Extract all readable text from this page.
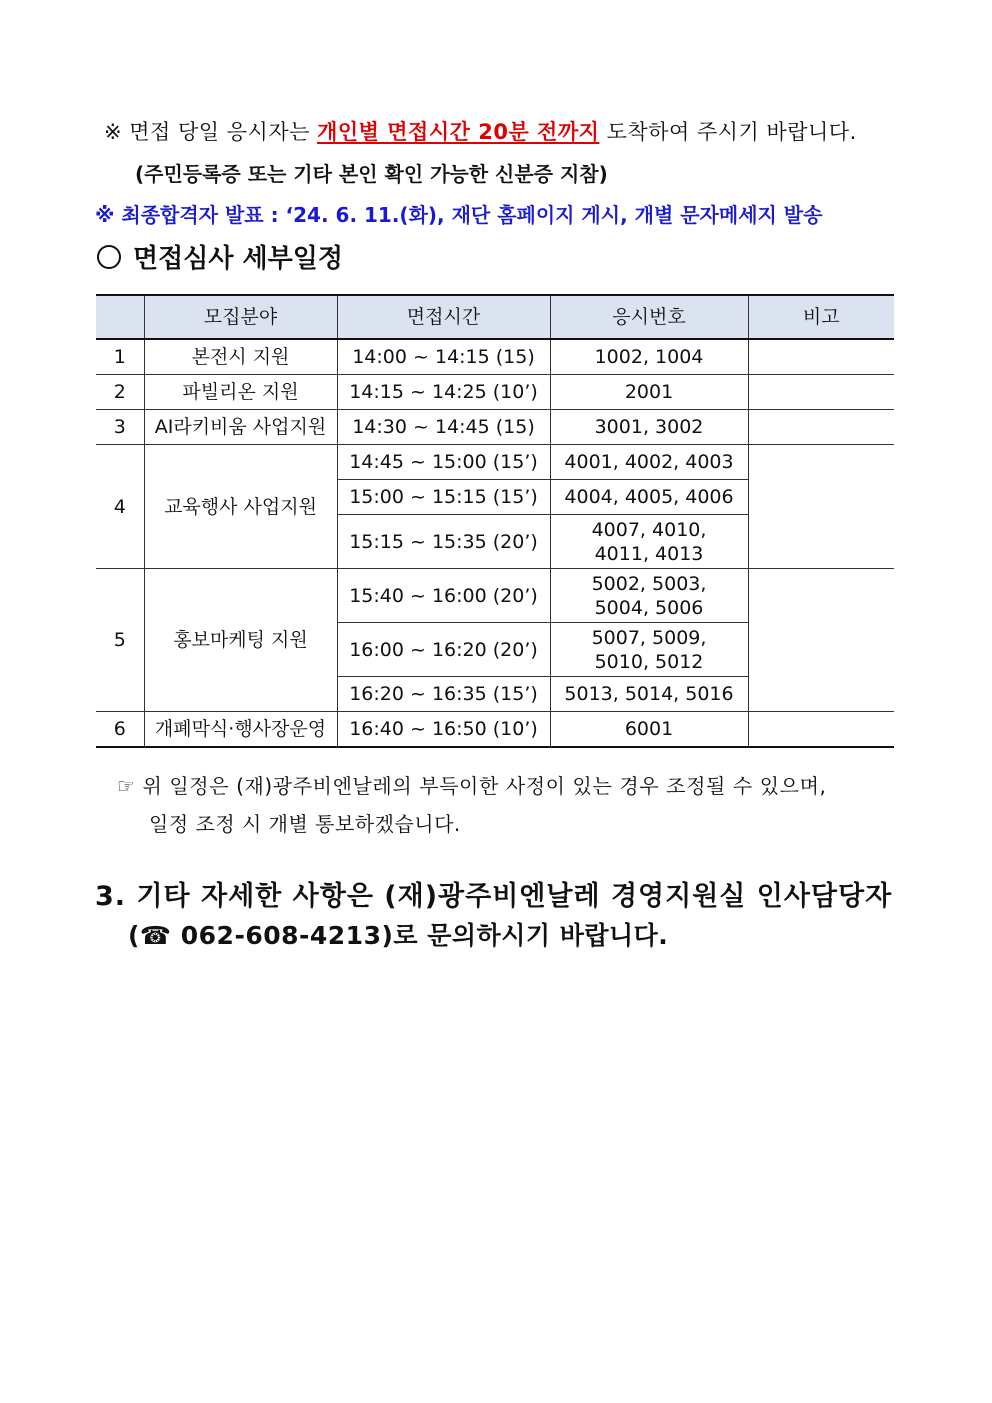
※ 면접 당일 응시자는 개인별 면접시간 20분 전까지 도착하여 주시기 바랍니다.
(주민등록증 또는 기타 본인 확인 가능한 신분증 지참)
※ 최종합격자 발표 : ‘24. 6. 11.(화), 재단 홈페이지 게시, 개별 문자메세지 발송
면접심사 세부일정
	모집분야	면접시간	응시번호	비고
1	본전시 지원	14:00 ~ 14:15 (15)	1002, 1004	
2	파빌리온 지원	14:15 ~ 14:25 (10’)	2001	
3	AI라키비움 사업지원	14:30 ~ 14:45 (15)	3001, 3002	
4	교육행사 사업지원	14:45 ~ 15:00 (15’)	4001, 4002, 4003	
		15:00 ~ 15:15 (15’)	4004, 4005, 4006	
		15:15 ~ 15:35 (20’)	4007, 4010,
4011, 4013	

5	홍보마케팅 지원	15:40 ~ 16:00 (20’)	5002, 5003,
5004, 5006	

		16:00 ~ 16:20 (20’)	5007, 5009,
5010, 5012	

		16:20 ~ 16:35 (15’)	5013, 5014, 5016	
6	개폐막식·행사장운영	16:40 ~ 16:50 (10’)	6001	
☞ 위 일정은 (재)광주비엔날레의 부득이한 사정이 있는 경우 조정될 수 있으며,
일정 조정 시 개별 통보하겠습니다.
3. 기타 자세한 사항은 (재)광주비엔날레 경영지원실 인사담당자
(☎ 062-608-4213)로 문의하시기 바랍니다.
